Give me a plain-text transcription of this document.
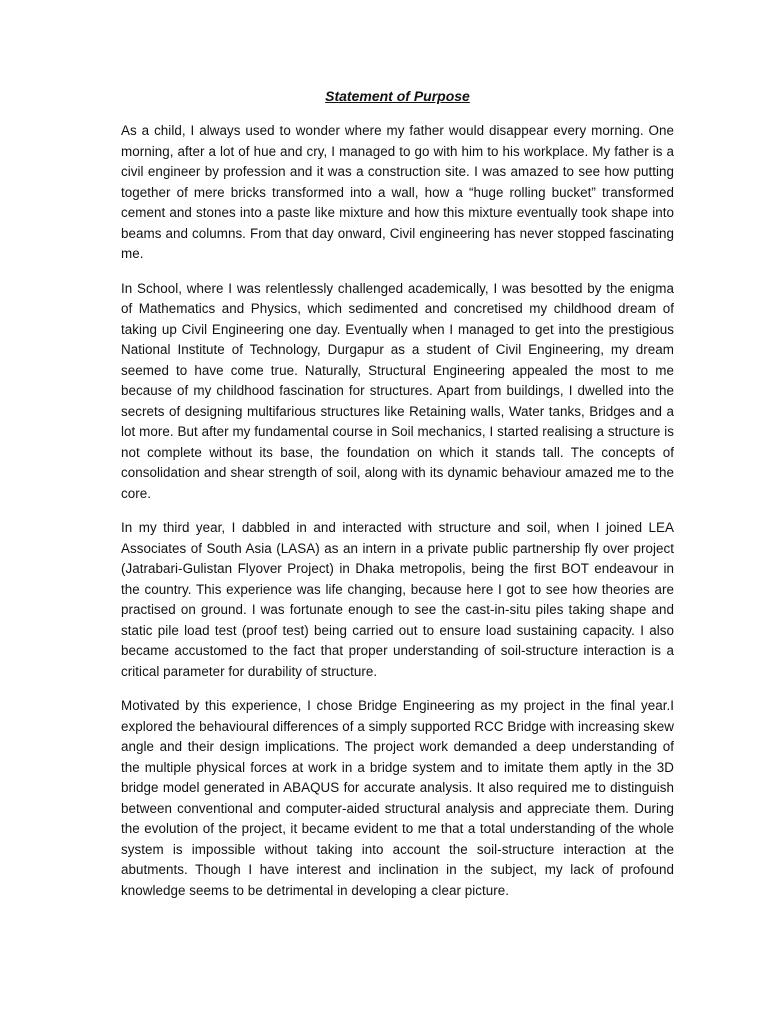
Statement of Purpose

As a child, I always used to wonder where my father would disappear every morning. One morning, after a lot of hue and cry, I managed to go with him to his workplace. My father is a civil engineer by profession and it was a construction site. I was amazed to see how putting together of mere bricks transformed into a wall, how a “huge rolling bucket” transformed cement and stones into a paste like mixture and how this mixture eventually took shape into beams and columns. From that day onward, Civil engineering has never stopped fascinating me.

In School, where I was relentlessly challenged academically, I was besotted by the enigma of Mathematics and Physics, which sedimented and concretised my childhood dream of taking up Civil Engineering one day. Eventually when I managed to get into the prestigious National Institute of Technology, Durgapur as a student of Civil Engineering, my dream seemed to have come true. Naturally, Structural Engineering appealed the most to me because of my childhood fascination for structures. Apart from buildings, I dwelled into the secrets of designing multifarious structures like Retaining walls, Water tanks, Bridges and a lot more. But after my fundamental course in Soil mechanics, I started realising a structure is not complete without its base, the foundation on which it stands tall. The concepts of consolidation and shear strength of soil, along with its dynamic behaviour amazed me to the core.

In my third year, I dabbled in and interacted with structure and soil, when I joined LEA Associates of South Asia (LASA) as an intern in a private public partnership fly over project (Jatrabari-Gulistan Flyover Project) in Dhaka metropolis, being the first BOT endeavour in the country. This experience was life changing, because here I got to see how theories are practised on ground. I was fortunate enough to see the cast-in-situ piles taking shape and static pile load test (proof test) being carried out to ensure load sustaining capacity. I also became accustomed to the fact that proper understanding of soil-structure interaction is a critical parameter for durability of structure.

Motivated by this experience, I chose Bridge Engineering as my project in the final year.I explored the behavioural differences of a simply supported RCC Bridge with increasing skew angle and their design implications. The project work demanded a deep understanding of the multiple physical forces at work in a bridge system and to imitate them aptly in the 3D bridge model generated in ABAQUS for accurate analysis. It also required me to distinguish between conventional and computer-aided structural analysis and appreciate them. During the evolution of the project, it became evident to me that a total understanding of the whole system is impossible without taking into account the soil-structure interaction at the abutments. Though I have interest and inclination in the subject, my lack of profound knowledge seems to be detrimental in developing a clear picture.
